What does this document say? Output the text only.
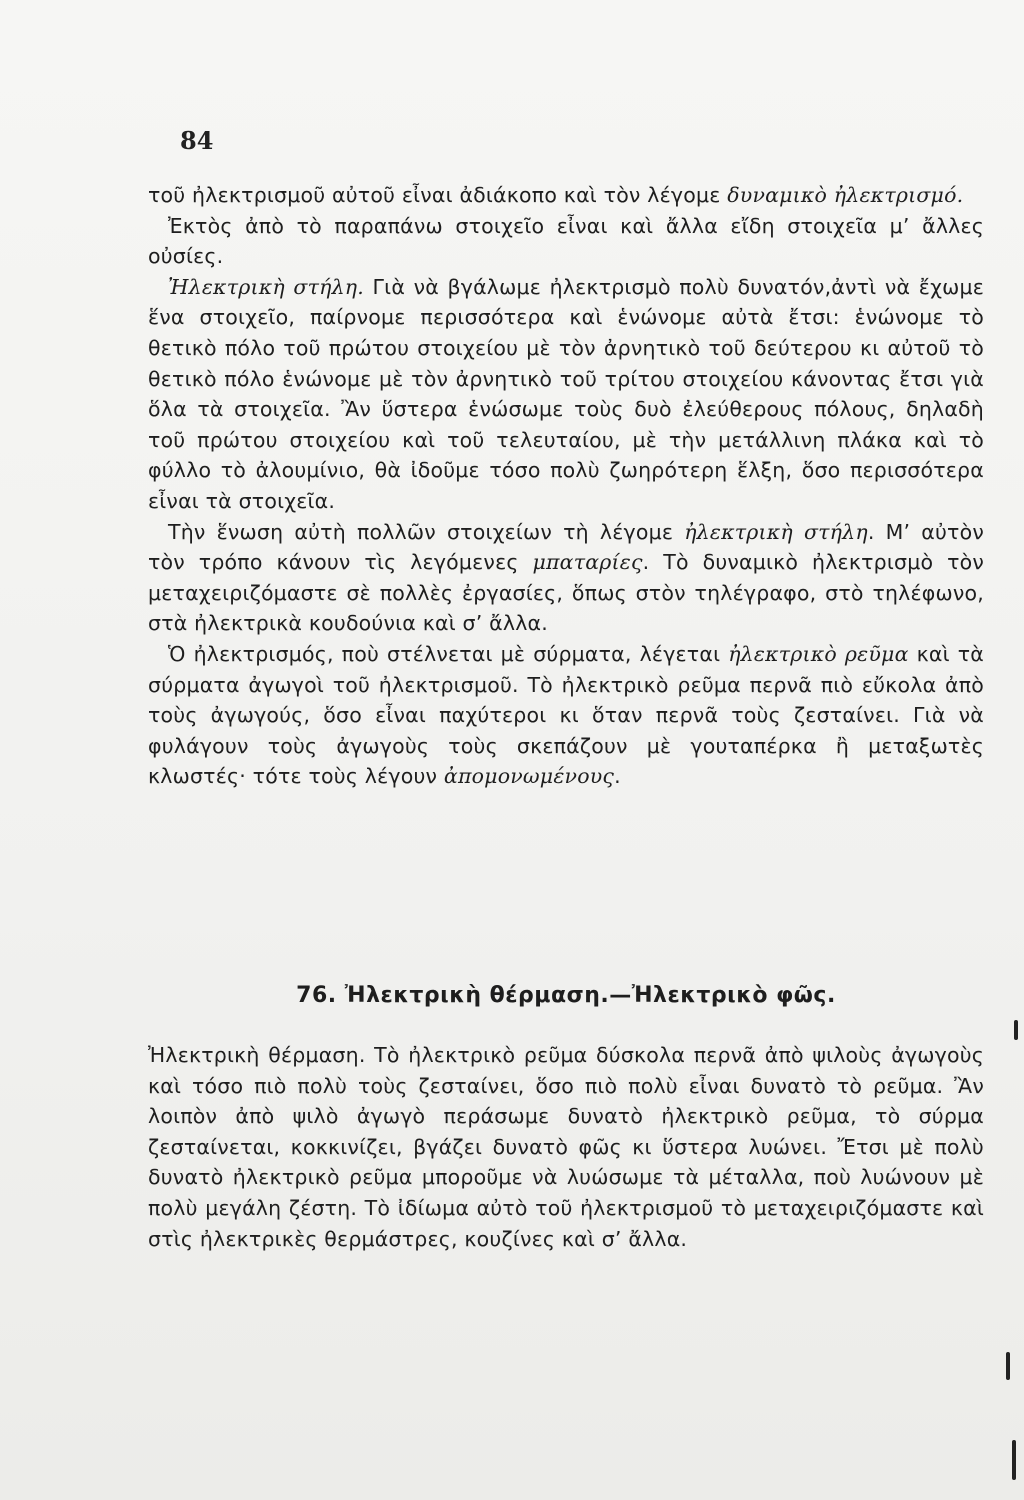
84

τοῦ ἠλεκτρισμοῦ αὐτοῦ εἶναι ἀδιάκοπο καὶ τὸν λέγομε δυναμικὸ ἠλεκτρισμό.

Ἐκτὸς ἀπὸ τὸ παραπάνω στοιχεῖο εἶναι καὶ ἄλλα εἴδη στοιχεῖα μ’ ἄλλες οὐσίες.

Ἠλεκτρικὴ στήλη. Γιὰ νὰ βγάλωμε ἠλεκτρισμὸ πολὺ δυνατόν,ἀντὶ νὰ ἔχωμε ἕνα στοιχεῖο, παίρνομε περισσότερα καὶ ἑνώνομε αὐτὰ ἔτσι: ἑνώνομε τὸ θετικὸ πόλο τοῦ πρώτου στοιχείου μὲ τὸν ἀρνητικὸ τοῦ δεύτερου κι αὐτοῦ τὸ θετικὸ πόλο ἑνώνομε μὲ τὸν ἀρνητικὸ τοῦ τρίτου στοιχείου κάνοντας ἔτσι γιὰ ὅλα τὰ στοιχεῖα. Ἂν ὕστερα ἑνώσωμε τοὺς δυὸ ἐλεύθερους πόλους, δηλαδὴ τοῦ πρώτου στοιχείου καὶ τοῦ τελευταίου, μὲ τὴν μετάλλινη πλάκα καὶ τὸ φύλλο τὸ ἀλουμίνιο, θὰ ἰδοῦμε τόσο πολὺ ζωηρότερη ἕλξη, ὅσο περισσότερα εἶναι τὰ στοιχεῖα.

Τὴν ἕνωση αὐτὴ πολλῶν στοιχείων τὴ λέγομε ἠλεκτρικὴ στήλη. Μ’ αὐτὸν τὸν τρόπο κάνουν τὶς λεγόμενες μπαταρίες. Τὸ δυναμικὸ ἠλεκτρισμὸ τὸν μεταχειριζόμαστε σὲ πολλὲς ἐργασίες, ὅπως στὸν τηλέγραφο, στὸ τηλέφωνο, στὰ ἠλεκτρικὰ κουδούνια καὶ σ’ ἄλλα.

Ὁ ἠλεκτρισμός, ποὺ στέλνεται μὲ σύρματα, λέγεται ἠλεκτρικὸ ρεῦμα καὶ τὰ σύρματα ἀγωγοὶ τοῦ ἠλεκτρισμοῦ. Τὸ ἠλεκτρικὸ ρεῦμα περνᾶ πιὸ εὔκολα ἀπὸ τοὺς ἀγωγούς, ὅσο εἶναι παχύτεροι κι ὅταν περνᾶ τοὺς ζεσταίνει. Γιὰ νὰ φυλάγουν τοὺς ἀγωγοὺς τοὺς σκεπάζουν μὲ γουταπέρκα ἢ μεταξωτὲς κλωστές· τότε τοὺς λέγουν ἀπομονωμένους.

76. Ἠλεκτρικὴ θέρμαση.—Ἠλεκτρικὸ φῶς.

Ἠλεκτρικὴ θέρμαση. Τὸ ἠλεκτρικὸ ρεῦμα δύσκολα περνᾶ ἀπὸ ψιλοὺς ἀγωγοὺς καὶ τόσο πιὸ πολὺ τοὺς ζεσταίνει, ὅσο πιὸ πολὺ εἶναι δυνατὸ τὸ ρεῦμα. Ἂν λοιπὸν ἀπὸ ψιλὸ ἀγωγὸ περάσωμε δυνατὸ ἠλεκτρικὸ ρεῦμα, τὸ σύρμα ζεσταίνεται, κοκκινίζει, βγάζει δυνατὸ φῶς κι ὕστερα λυώνει. Ἔτσι μὲ πολὺ δυνατὸ ἠλεκτρικὸ ρεῦμα μποροῦμε νὰ λυώσωμε τὰ μέταλλα, ποὺ λυώνουν μὲ πολὺ μεγάλη ζέστη. Τὸ ἰδίωμα αὐτὸ τοῦ ἠλεκτρισμοῦ τὸ μεταχειριζόμαστε καὶ στὶς ἠλεκτρικὲς θερμάστρες, κουζίνες καὶ σ’ ἄλλα.
